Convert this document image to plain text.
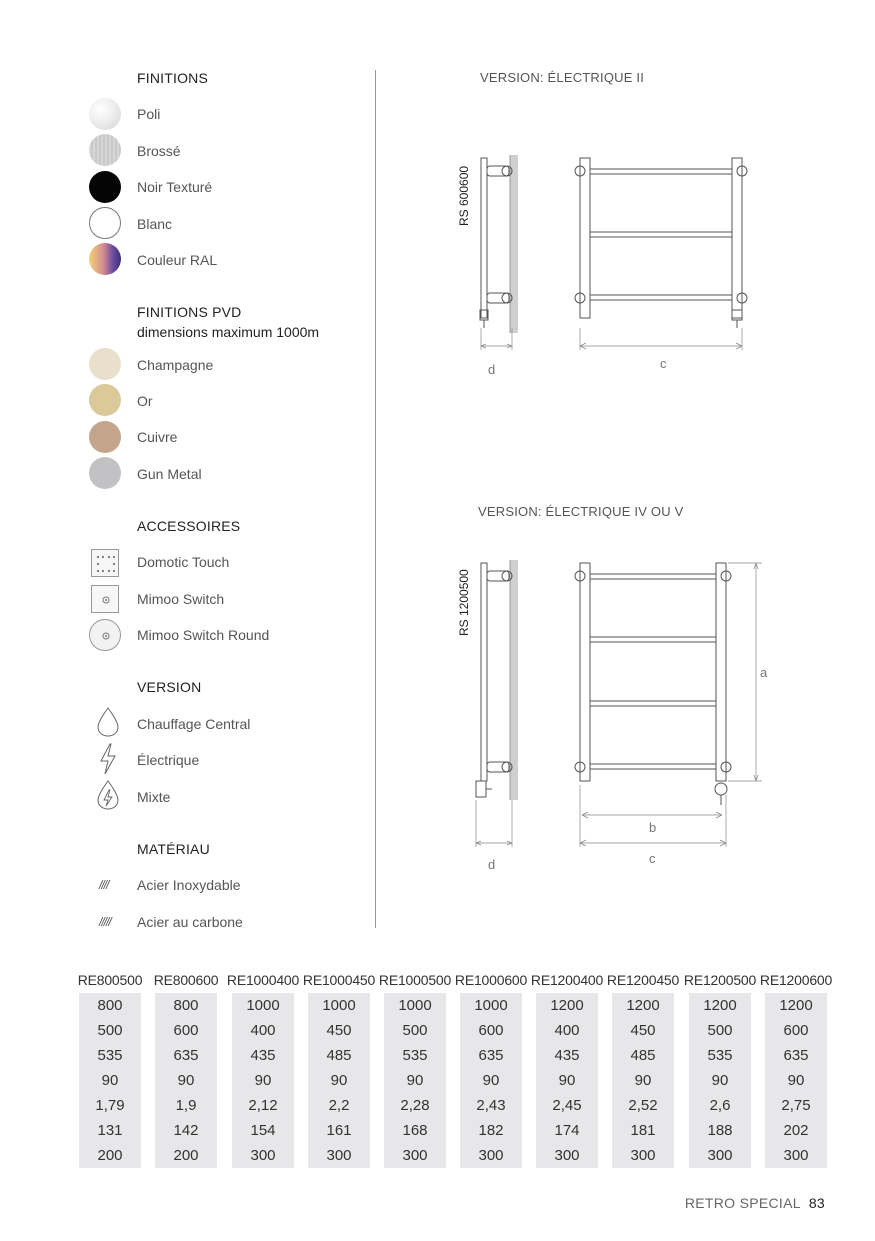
FINITIONS
Poli
Brossé
Noir Texturé
Blanc
Couleur RAL
FINITIONS PVD
dimensions maximum 1000m
Champagne
Or
Cuivre
Gun Metal
ACCESSOIRES
Domotic Touch
Mimoo Switch
Mimoo Switch Round
VERSION
Chauffage Central
Électrique
Mixte
MATÉRIAU
//// Acier Inoxydable
///// Acier au carbone
VERSION: ÉLECTRIQUE II
RS 600600
d	c
VERSION: ÉLECTRIQUE IV OU V
RS 1200500
a
b
c
d
RE800500
800
500
535
90
1,79
131
200
RE800600
800
600
635
90
1,9
142
200
RE1000400
1000
400
435
90
2,12
154
300
RE1000450
1000
450
485
90
2,2
161
300
RE1000500
1000
500
535
90
2,28
168
300
RE1000600
1000
600
635
90
2,43
182
300
RE1200400
1200
400
435
90
2,45
174
300
RE1200450
1200
450
485
90
2,52
181
300
RE1200500
1200
500
535
90
2,6
188
300
RE1200600
1200
600
635
90
2,75
202
300
RETRO SPECIAL 83
